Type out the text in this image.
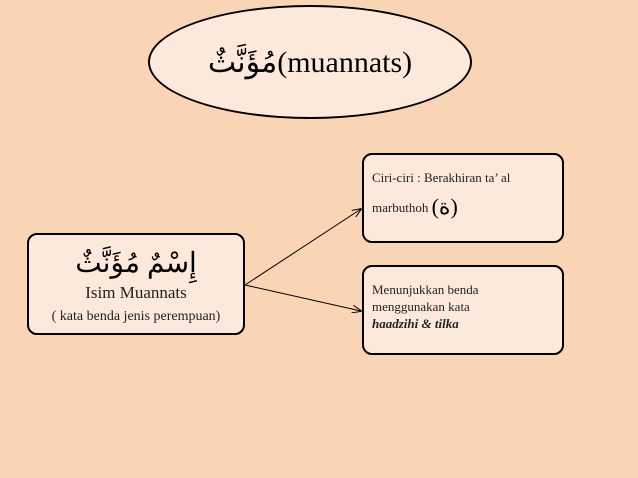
مُؤَنَّثٌ(muannats)
إِسْمٌ مُؤَنَّثٌ
Isim Muannats
( kata benda jenis perempuan)
Ciri-ciri : Berakhiran ta’ al
marbuthoh (ة)
Menunjukkan benda
menggunakan kata
haadzihi & tilka
